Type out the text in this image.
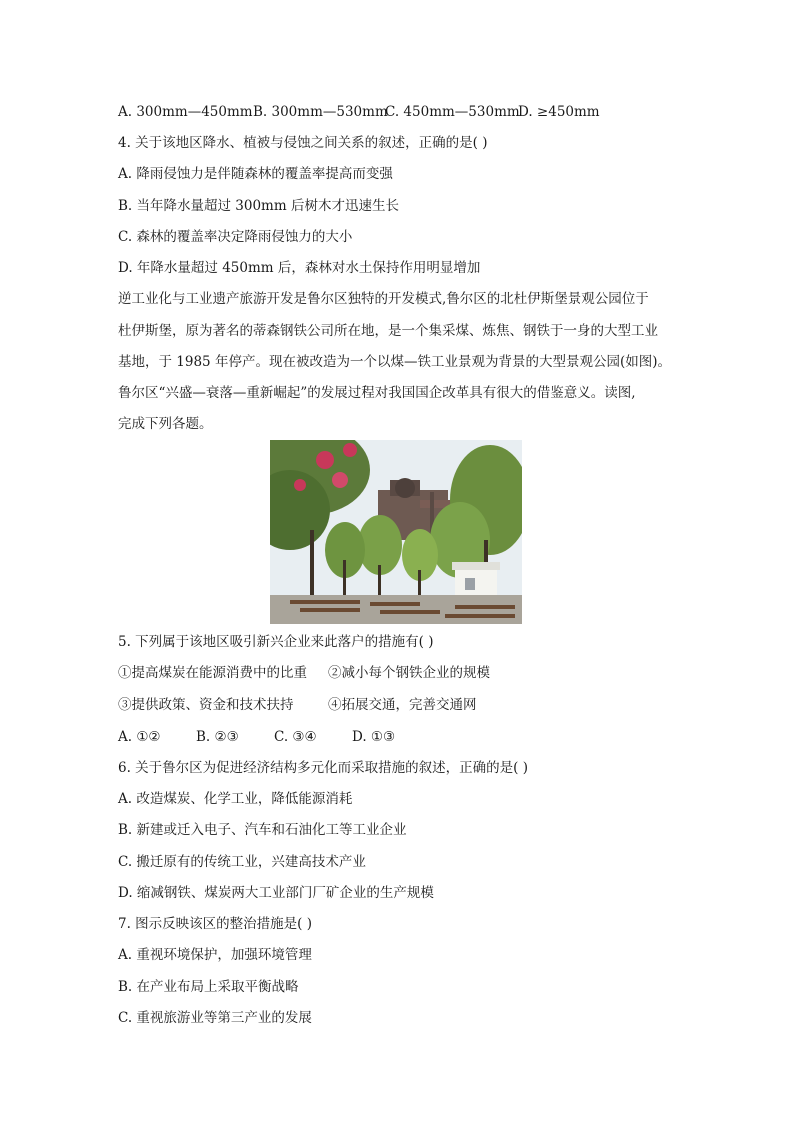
A. 300mm—450mm B. 300mm—530mm
C. 450mm—530mm
D. ≥450mm
4. 关于该地区降水、植被与侵蚀之间关系的叙述，正确的是( )
A. 降雨侵蚀力是伴随森林的覆盖率提高而变强
B. 当年降水量超过 300mm 后树木才迅速生长
C. 森林的覆盖率决定降雨侵蚀力的大小
D. 年降水量超过 450mm 后，森林对水土保持作用明显增加
逆工业化与工业遗产旅游开发是鲁尔区独特的开发模式,鲁尔区的北杜伊斯堡景观公园位于
杜伊斯堡，原为著名的蒂森钢铁公司所在地，是一个集采煤、炼焦、钢铁于一身的大型工业
基地，于 1985 年停产。现在被改造为一个以煤—铁工业景观为背景的大型景观公园(如图)。
鲁尔区“兴盛—衰落—重新崛起”的发展过程对我国国企改革具有很大的借鉴意义。读图,
完成下列各题。
5. 下列属于该地区吸引新兴企业来此落户的措施有( )
①提高煤炭在能源消费中的比重	②减小每个钢铁企业的规模
③提供政策、资金和技术扶持	④拓展交通，完善交通网
A. ①②	B. ②③	C. ③④	D. ①③
6. 关于鲁尔区为促进经济结构多元化而采取措施的叙述，正确的是( )
A. 改造煤炭、化学工业，降低能源消耗
B. 新建或迁入电子、汽车和石油化工等工业企业
C. 搬迁原有的传统工业，兴建高技术产业
D. 缩减钢铁、煤炭两大工业部门厂矿企业的生产规模
7. 图示反映该区的整治措施是( )
A. 重视环境保护，加强环境管理
B. 在产业布局上采取平衡战略
C. 重视旅游业等第三产业的发展
